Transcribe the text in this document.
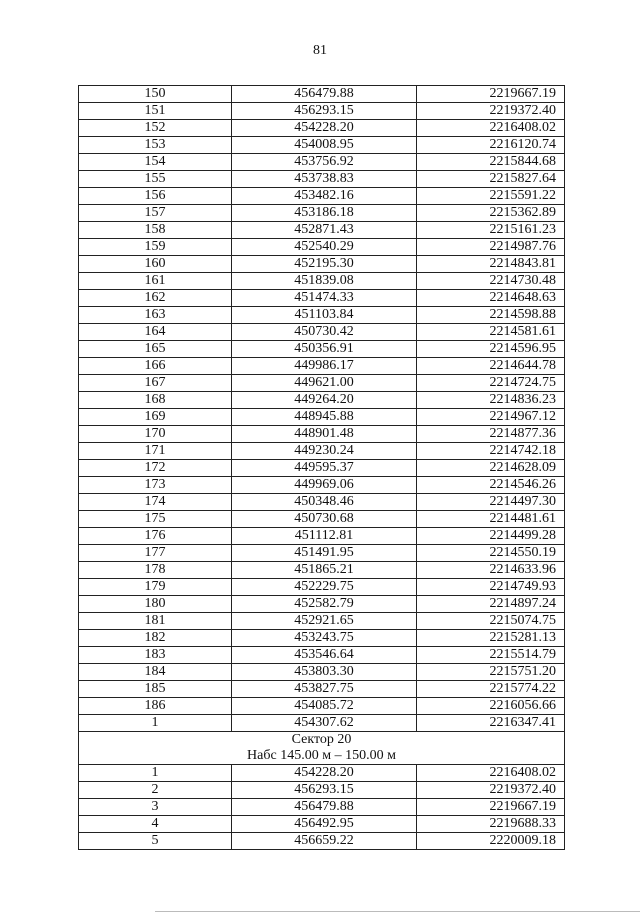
81
150	456479.88	2219667.19
151	456293.15	2219372.40
152	454228.20	2216408.02
153	454008.95	2216120.74
154	453756.92	2215844.68
155	453738.83	2215827.64
156	453482.16	2215591.22
157	453186.18	2215362.89
158	452871.43	2215161.23
159	452540.29	2214987.76
160	452195.30	2214843.81
161	451839.08	2214730.48
162	451474.33	2214648.63
163	451103.84	2214598.88
164	450730.42	2214581.61
165	450356.91	2214596.95
166	449986.17	2214644.78
167	449621.00	2214724.75
168	449264.20	2214836.23
169	448945.88	2214967.12
170	448901.48	2214877.36
171	449230.24	2214742.18
172	449595.37	2214628.09
173	449969.06	2214546.26
174	450348.46	2214497.30
175	450730.68	2214481.61
176	451112.81	2214499.28
177	451491.95	2214550.19
178	451865.21	2214633.96
179	452229.75	2214749.93
180	452582.79	2214897.24
181	452921.65	2215074.75
182	453243.75	2215281.13
183	453546.64	2215514.79
184	453803.30	2215751.20
185	453827.75	2215774.22
186	454085.72	2216056.66
1	454307.62	2216347.41

Сектор 20
Набс 145.00 м – 150.00 м		

1	454228.20	2216408.02
2	456293.15	2219372.40
3	456479.88	2219667.19
4	456492.95	2219688.33
5	456659.22	2220009.18
